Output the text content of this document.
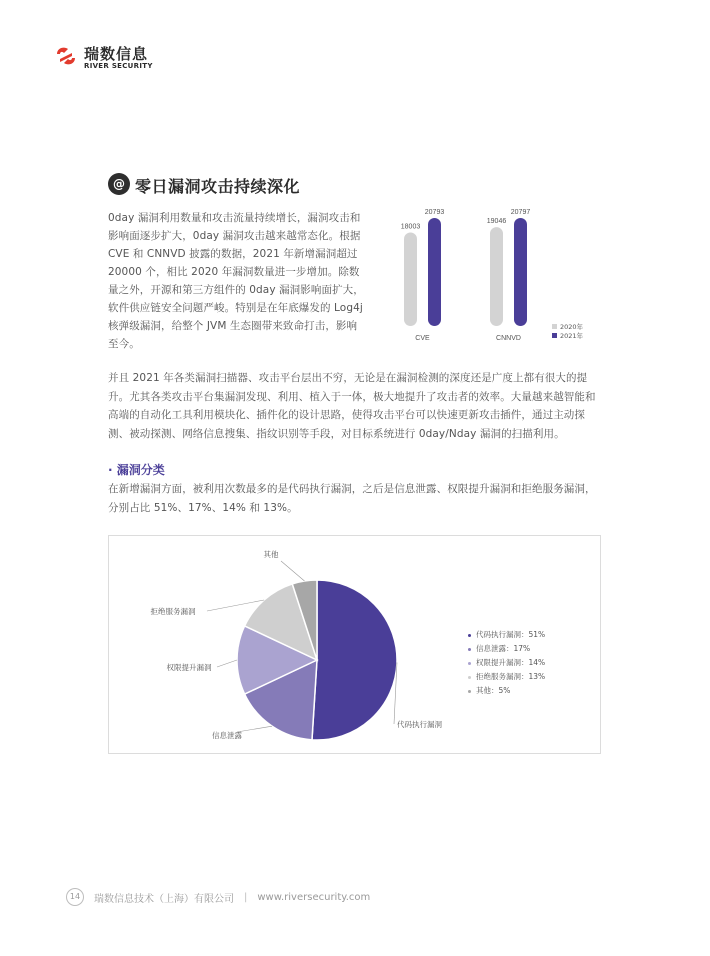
瑞数信息
RIVER SECURITY
@ 零日漏洞攻击持续深化
0day 漏洞利用数量和攻击流量持续增长，漏洞攻击和影响面逐步扩大，0day 漏洞攻击越来越常态化。根据 CVE 和 CNNVD 披露的数据，2021 年新增漏洞超过 20000 个，相比 2020 年漏洞数量进一步增加。除数量之外，开源和第三方组件的 0day 漏洞影响面扩大，软件供应链安全问题严峻。特别是在年底爆发的 Log4j 核弹级漏洞，给整个 JVM 生态圈带来致命打击，影响至今。
18003
20793
CVE
19046
20797
CNNVD
2020年
2021年
并且 2021 年各类漏洞扫描器、攻击平台层出不穷，无论是在漏洞检测的深度还是广度上都有很大的提升。尤其各类攻击平台集漏洞发现、利用、植入于一体，极大地提升了攻击者的效率。大量越来越智能和高端的自动化工具利用模块化、插件化的设计思路，使得攻击平台可以快速更新攻击插件，通过主动探测、被动探测、网络信息搜集、指纹识别等手段，对目标系统进行 0day/Nday 漏洞的扫描利用。
· 漏洞分类
在新增漏洞方面，被利用次数最多的是代码执行漏洞，之后是信息泄露、权限提升漏洞和拒绝服务漏洞，分别占比 51%、17%、14% 和 13%。
代码执行漏洞
信息泄露
权限提升漏洞
拒绝服务漏洞
其他
代码执行漏洞：51%
信息泄露：17%
权限提升漏洞：14%
拒绝服务漏洞：13%
其他：5%
14	瑞数信息技术（上海）有限公司 | www.riversecurity.com
